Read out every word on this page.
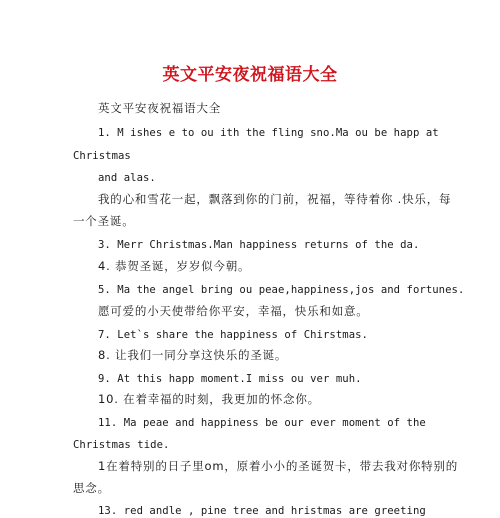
英文平安夜祝福语大全
英文平安夜祝福语大全
1. M ishes e to ou ith the fling sno.Ma ou be happ at
Christmas
and alas.
我的心和雪花一起，飘落到你的门前，祝福，等待着你 .快乐，每
一个圣诞。
3. Merr Christmas.Man happiness returns of the da.
4. 恭贺圣诞，岁岁似今朝。
5. Ma the angel bring ou peae,happiness,jos and fortunes.
愿可爱的小天使带给你平安，幸福，快乐和如意。
7. Let`s share the happiness of Chirstmas.
8. 让我们一同分享这快乐的圣诞。
9. At this happ moment.I miss ou ver muh.
10. 在着幸福的时刻，我更加的怀念你。
11. Ma peae and happiness be our ever moment of the
Christmas tide.
1在着特别的日子里om，原着小小的圣诞贺卡，带去我对你特别的
思念。
13. red andle , pine tree and hristmas are greeting
